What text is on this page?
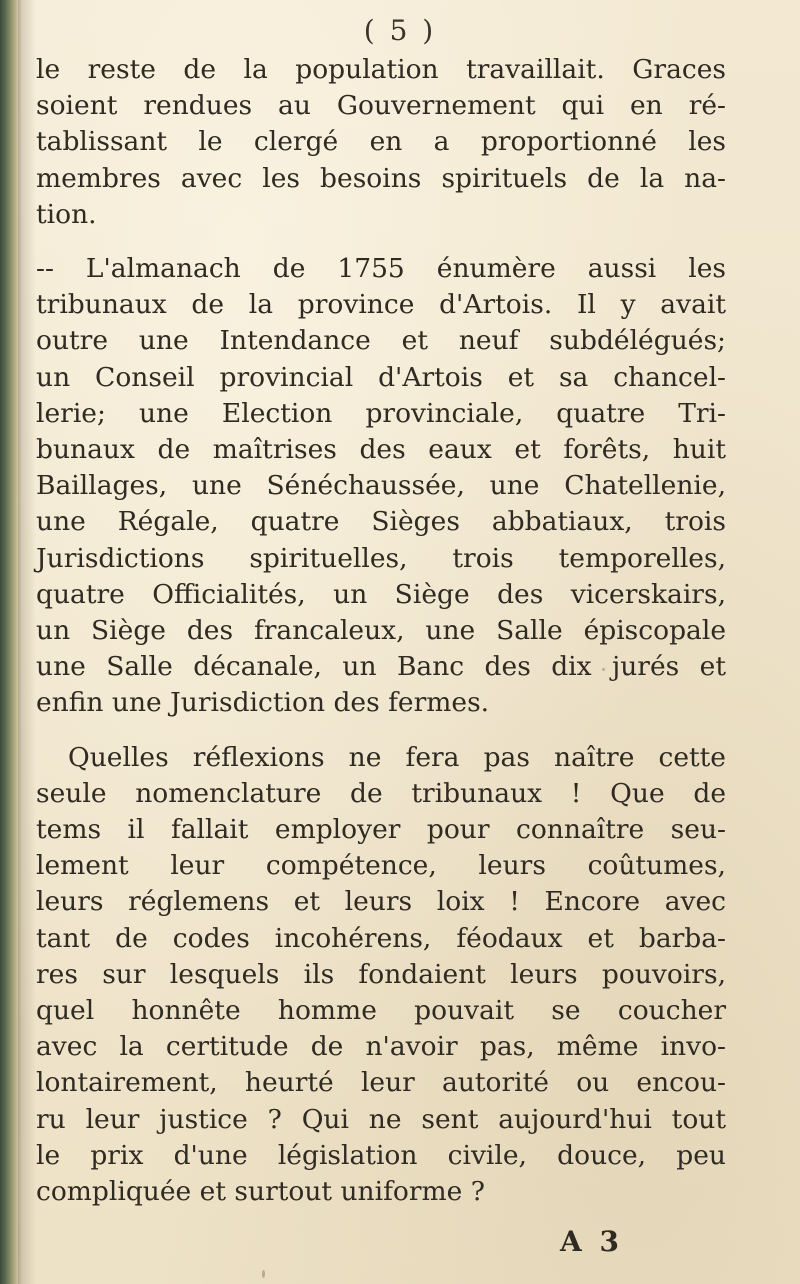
( 5 )
le reste de la population travaillait. Graces
soient rendues au Gouvernement qui en ré-
tablissant le clergé en a proportionné les
membres avec les besoins spirituels de la na-
tion.
-- L'almanach de 1755 énumère aussi les
tribunaux de la province d'Artois. Il y avait
outre une Intendance et neuf subdélégués;
un Conseil provincial d'Artois et sa chancel-
lerie; une Election provinciale, quatre Tri-
bunaux de maîtrises des eaux et forêts, huit
Baillages, une Sénéchaussée, une Chatellenie,
une Régale, quatre Sièges abbatiaux, trois
Jurisdictions spirituelles, trois temporelles,
quatre Officialités, un Siège des vicerskairs,
un Siège des francaleux, une Salle épiscopale
une Salle décanale, un Banc des dix jurés et
enfin une Jurisdiction des fermes.
Quelles réflexions ne fera pas naître cette
seule nomenclature de tribunaux ! Que de
tems il fallait employer pour connaître seu-
lement leur compétence, leurs coûtumes,
leurs réglemens et leurs loix ! Encore avec
tant de codes incohérens, féodaux et barba-
res sur lesquels ils fondaient leurs pouvoirs,
quel honnête homme pouvait se coucher
avec la certitude de n'avoir pas, même invo-
lontairement, heurté leur autorité ou encou-
ru leur justice ? Qui ne sent aujourd'hui tout
le prix d'une législation civile, douce, peu
compliquée et surtout uniforme ?
A 3
